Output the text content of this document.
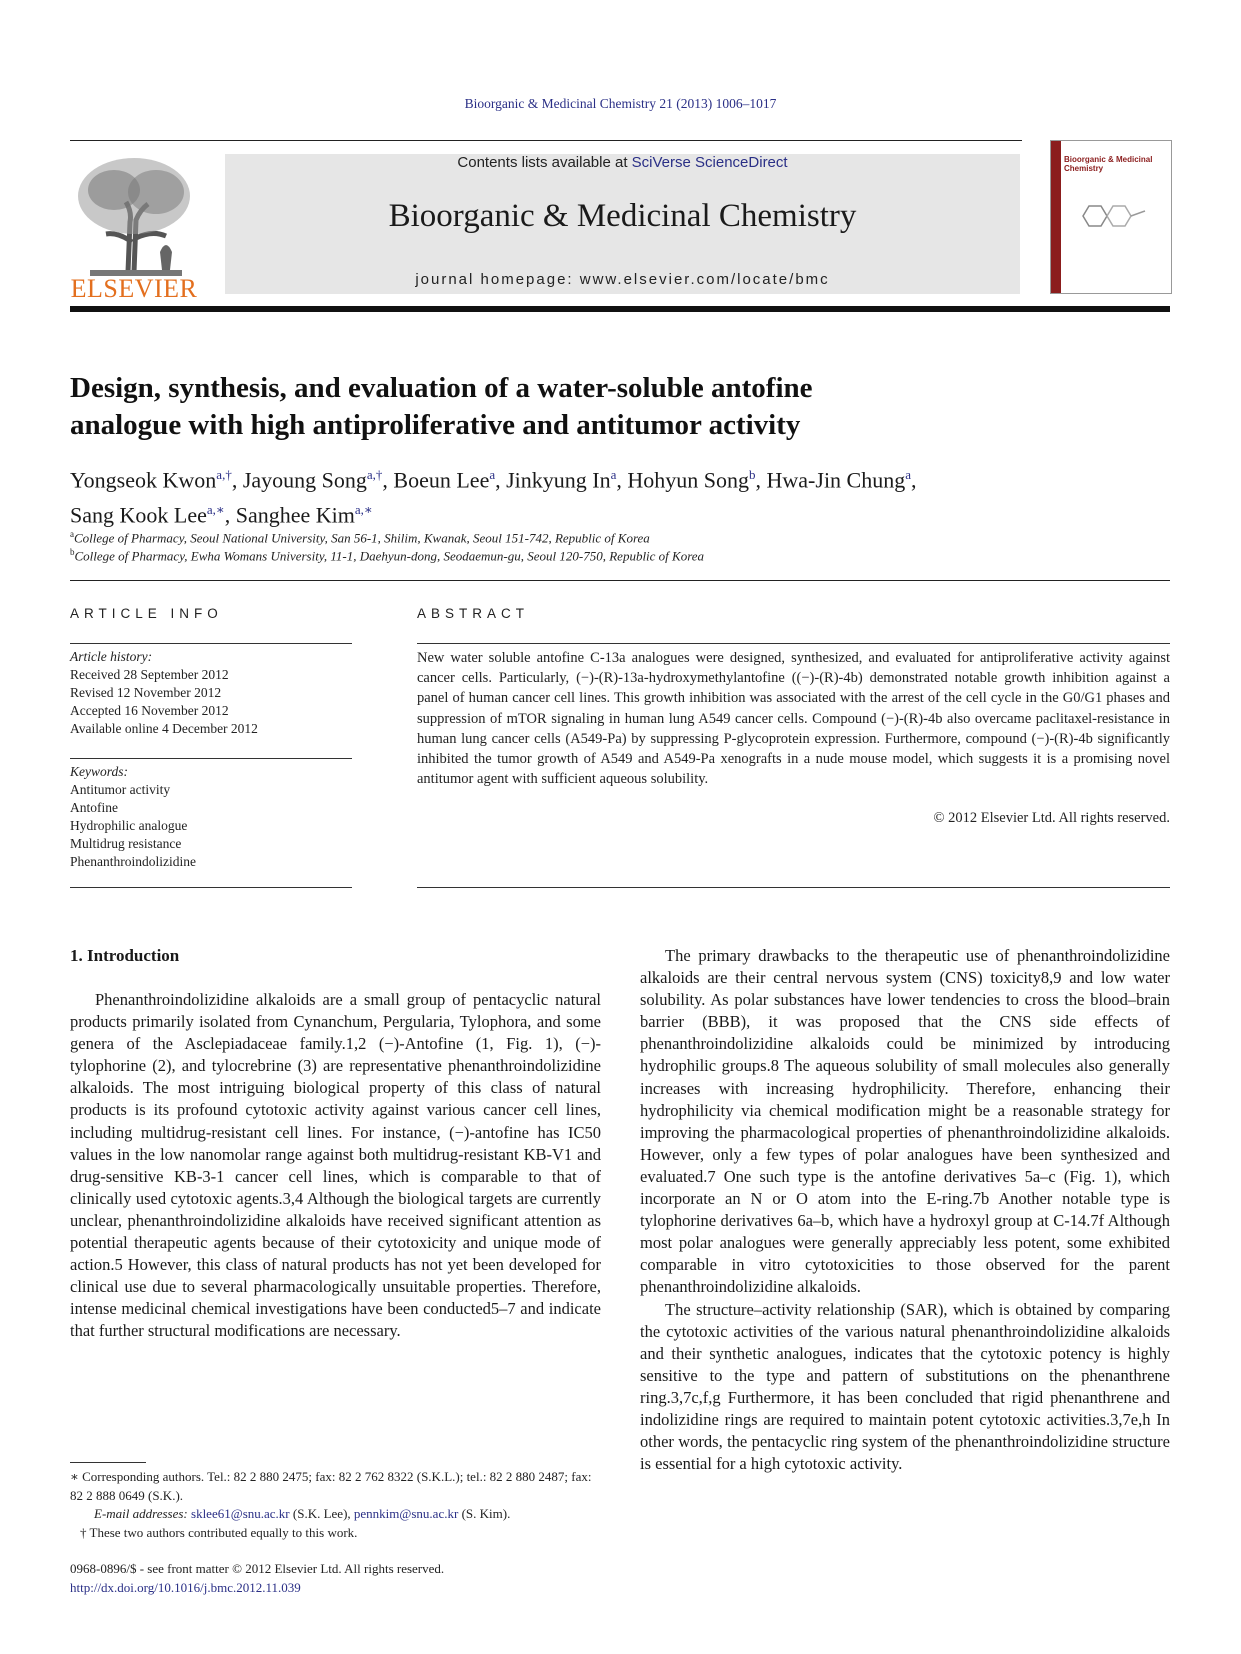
Bioorganic & Medicinal Chemistry 21 (2013) 1006–1017
ELSEVIER
Contents lists available at SciVerse ScienceDirect
Bioorganic & Medicinal Chemistry
journal homepage: www.elsevier.com/locate/bmc
Bioorganic & Medicinal Chemistry
Design, synthesis, and evaluation of a water-soluble antofine
analogue with high antiproliferative and antitumor activity
Yongseok Kwon$^{a,\dagger}$, Jayoung Song$^{a,\dagger}$, Boeun Lee$^a$, Jinkyung In$^a$, Hohyun Song$^b$, Hwa-Jin Chung$^a$,
Sang Kook Lee$^{a,∗}$, Sanghee Kim$^{a,∗}$
$^a$College of Pharmacy, Seoul National University, San 56-1, Shilim, Kwanak, Seoul 151-742, Republic of Korea
$^b$College of Pharmacy, Ewha Womans University, 11-1, Daehyun-dong, Seodaemun-gu, Seoul 120-750, Republic of Korea
ARTICLE INFO
Article history:
Received 28 September 2012
Revised 12 November 2012
Accepted 16 November 2012
Available online 4 December 2012
Keywords:
Antitumor activity
Antofine
Hydrophilic analogue
Multidrug resistance
Phenanthroindolizidine
ABSTRACT
New water soluble antofine C-13a analogues were designed, synthesized, and evaluated for antiproliferative activity against cancer cells. Particularly, (−)-(R)-13a-hydroxymethylantofine ((−)-(R)-4b) demonstrated notable growth inhibition against a panel of human cancer cell lines. This growth inhibition was associated with the arrest of the cell cycle in the G0/G1 phases and suppression of mTOR signaling in human lung A549 cancer cells. Compound (−)-(R)-4b also overcame paclitaxel-resistance in human lung cancer cells (A549-Pa) by suppressing P-glycoprotein expression. Furthermore, compound (−)-(R)-4b significantly inhibited the tumor growth of A549 and A549-Pa xenografts in a nude mouse model, which suggests it is a promising novel antitumor agent with sufficient aqueous solubility.
© 2012 Elsevier Ltd. All rights reserved.
1. Introduction

Phenanthroindolizidine alkaloids are a small group of pentacyclic natural products primarily isolated from Cynanchum, Pergularia, Tylophora, and some genera of the Asclepiadaceae family.1,2 (−)-Antofine (1, Fig. 1), (−)-tylophorine (2), and tylocrebrine (3) are representative phenanthroindolizidine alkaloids. The most intriguing biological property of this class of natural products is its profound cytotoxic activity against various cancer cell lines, including multidrug-resistant cell lines. For instance, (−)-antofine has IC50 values in the low nanomolar range against both multidrug-resistant KB-V1 and drug-sensitive KB-3-1 cancer cell lines, which is comparable to that of clinically used cytotoxic agents.3,4 Although the biological targets are currently unclear, phenanthroindolizidine alkaloids have received significant attention as potential therapeutic agents because of their cytotoxicity and unique mode of action.5 However, this class of natural products has not yet been developed for clinical use due to several pharmacologically unsuitable properties. Therefore, intense medicinal chemical investigations have been conducted5–7 and indicate that further structural modifications are necessary.

The primary drawbacks to the therapeutic use of phenanthroindolizidine alkaloids are their central nervous system (CNS) toxicity8,9 and low water solubility. As polar substances have lower tendencies to cross the blood–brain barrier (BBB), it was proposed that the CNS side effects of phenanthroindolizidine alkaloids could be minimized by introducing hydrophilic groups.8 The aqueous solubility of small molecules also generally increases with increasing hydrophilicity. Therefore, enhancing their hydrophilicity via chemical modification might be a reasonable strategy for improving the pharmacological properties of phenanthroindolizidine alkaloids. However, only a few types of polar analogues have been synthesized and evaluated.7 One such type is the antofine derivatives 5a–c (Fig. 1), which incorporate an N or O atom into the E-ring.7b Another notable type is tylophorine derivatives 6a–b, which have a hydroxyl group at C-14.7f Although most polar analogues were generally appreciably less potent, some exhibited comparable in vitro cytotoxicities to those observed for the parent phenanthroindolizidine alkaloids.

The structure–activity relationship (SAR), which is obtained by comparing the cytotoxic activities of the various natural phenanthroindolizidine alkaloids and their synthetic analogues, indicates that the cytotoxic potency is highly sensitive to the type and pattern of substitutions on the phenanthrene ring.3,7c,f,g Furthermore, it has been concluded that rigid phenanthrene and indolizidine rings are required to maintain potent cytotoxic activities.3,7e,h In other words, the pentacyclic ring system of the phenanthroindolizidine structure is essential for a high cytotoxic activity.

∗ Corresponding authors. Tel.: 82 2 880 2475; fax: 82 2 762 8322 (S.K.L.); tel.: 82 2 880 2487; fax: 82 2 888 0649 (S.K.).

E-mail addresses: sklee61@snu.ac.kr (S.K. Lee), pennkim@snu.ac.kr (S. Kim).

† These two authors contributed equally to this work.

0968-0896/$ - see front matter © 2012 Elsevier Ltd. All rights reserved.
http://dx.doi.org/10.1016/j.bmc.2012.11.039
